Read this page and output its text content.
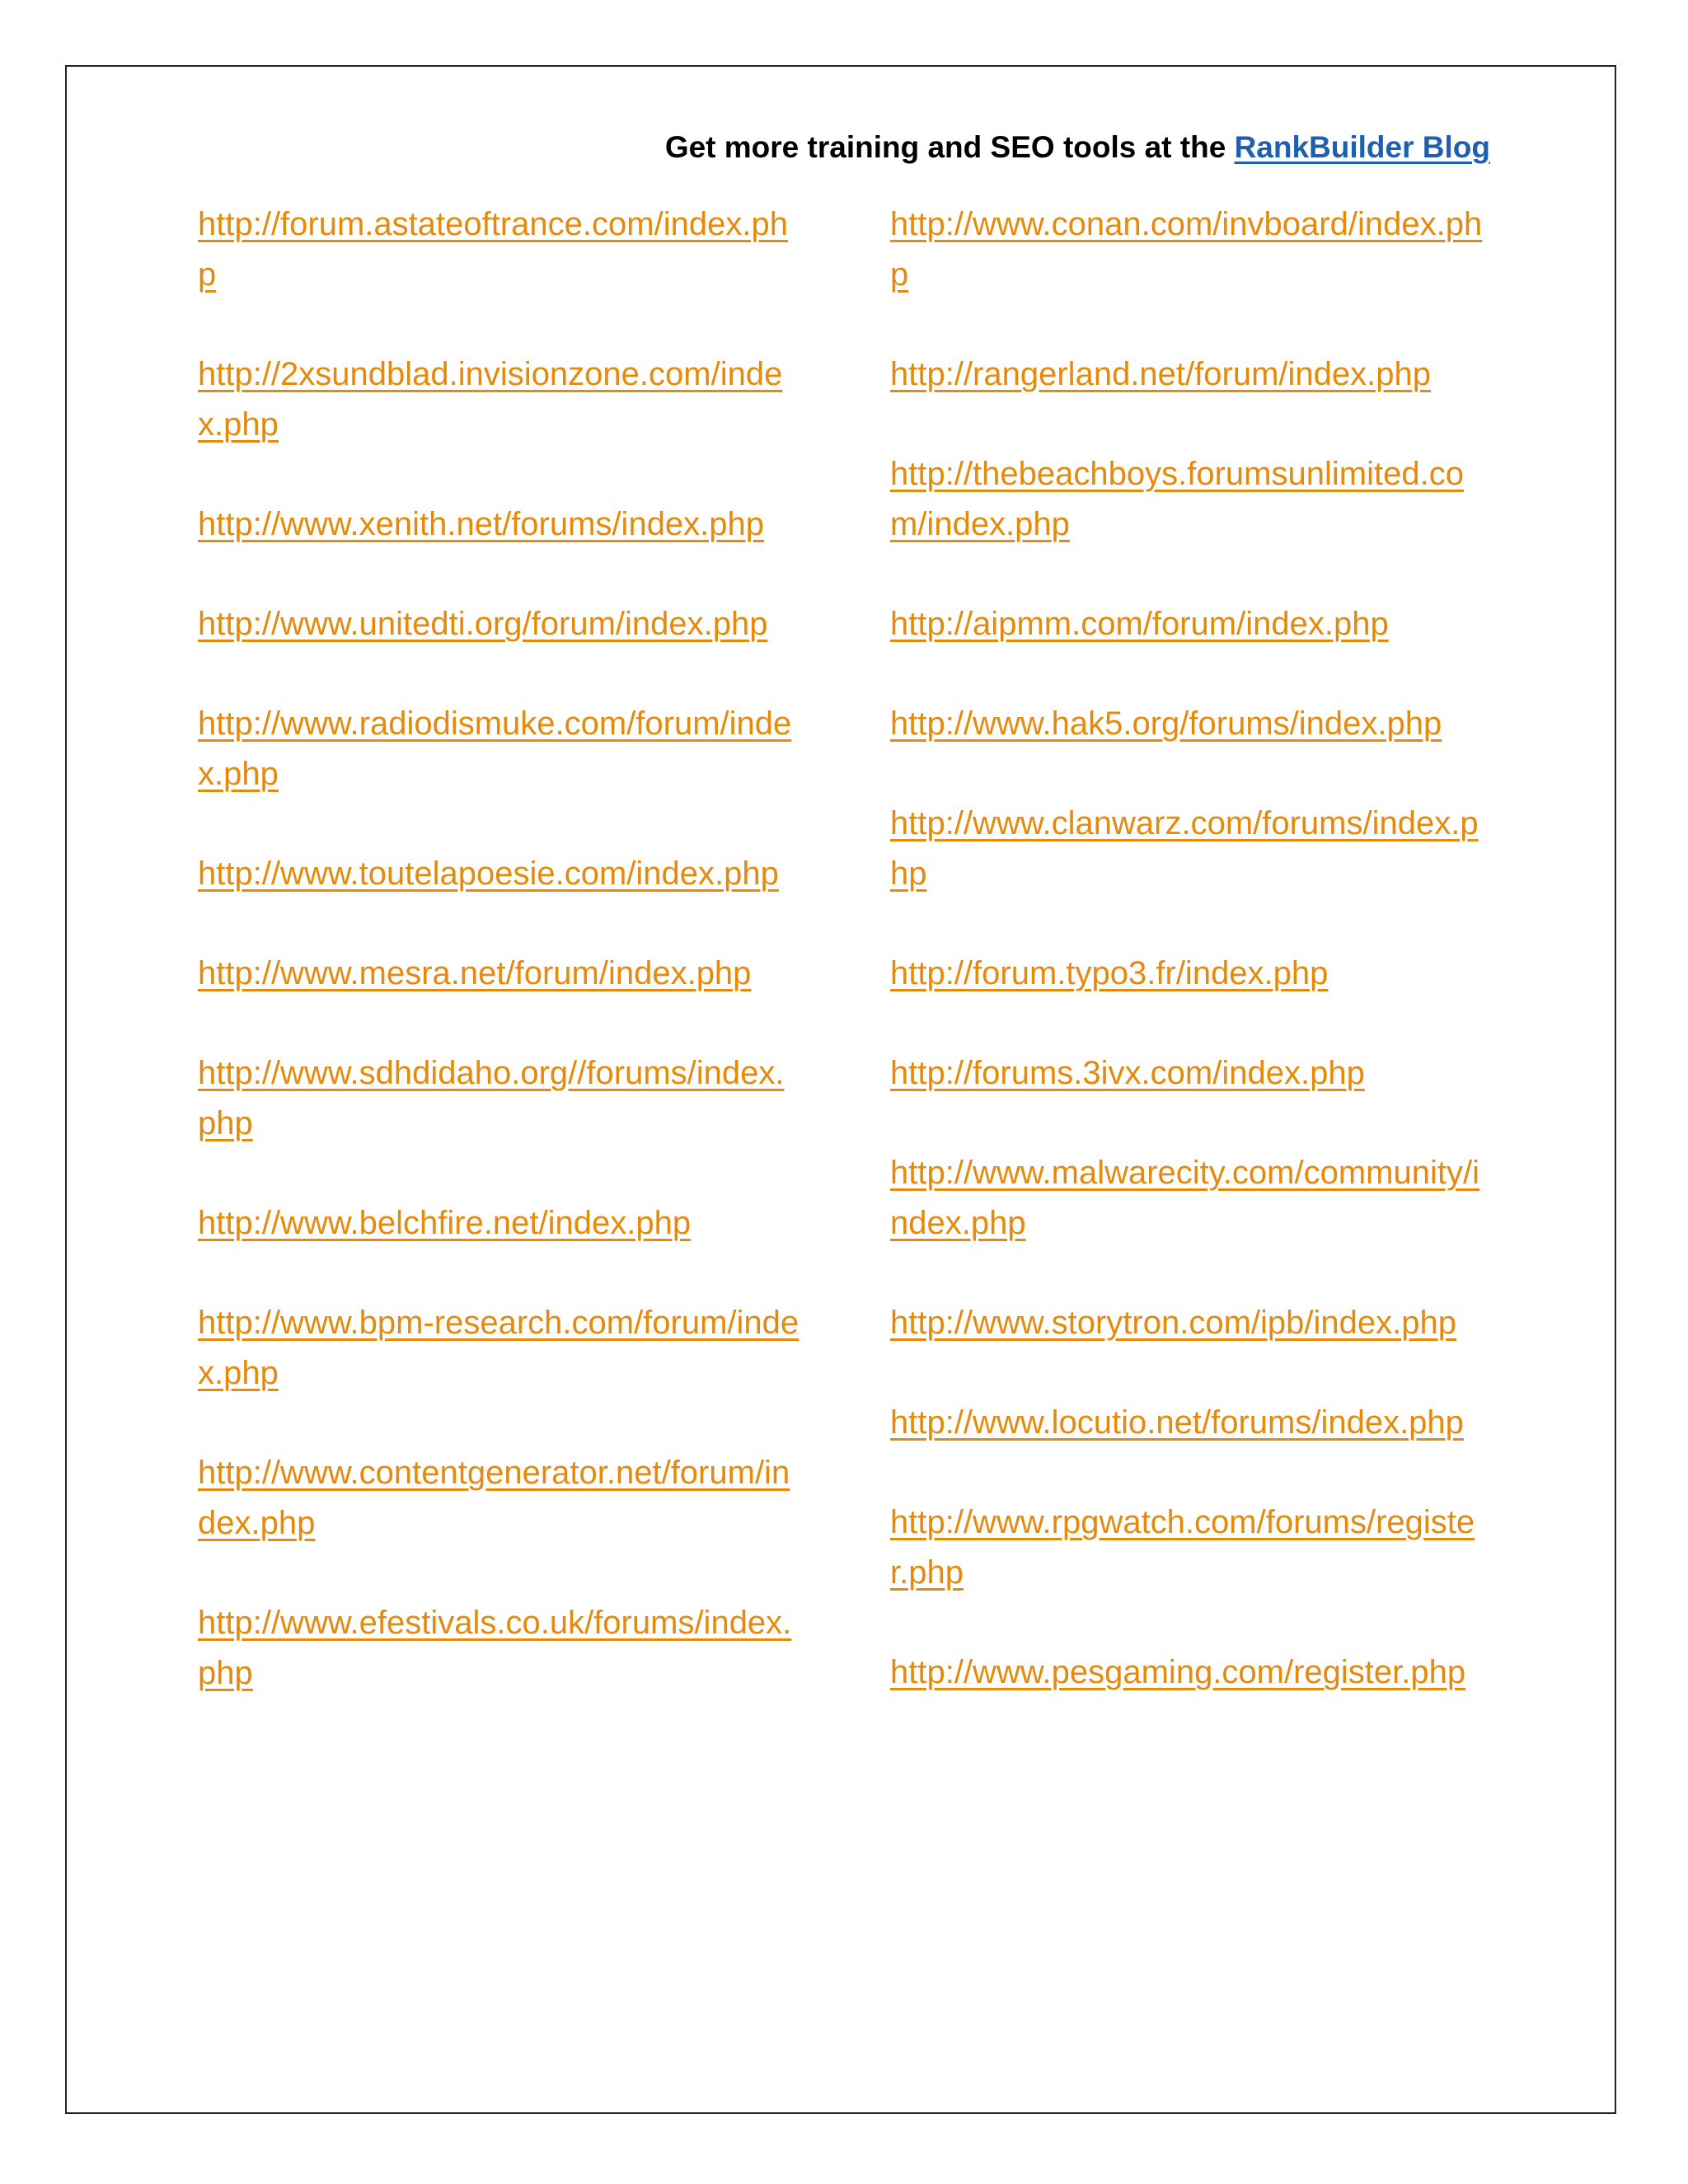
Get more training and SEO tools at the RankBuilder Blog
http://forum.astateoftrance.com/index.php
http://2xsundblad.invisionzone.com/index.php
http://www.xenith.net/forums/index.php
http://www.unitedti.org/forum/index.php
http://www.radiodismuke.com/forum/index.php
http://www.toutelapoesie.com/index.php
http://www.mesra.net/forum/index.php
http://www.sdhdidaho.org//forums/index.php
http://www.belchfire.net/index.php
http://www.bpm-research.com/forum/index.php
http://www.contentgenerator.net/forum/index.php
http://www.efestivals.co.uk/forums/index.php
http://www.conan.com/invboard/index.php
http://rangerland.net/forum/index.php
http://thebeachboys.forumsunlimited.com/index.php
http://aipmm.com/forum/index.php
http://www.hak5.org/forums/index.php
http://www.clanwarz.com/forums/index.php
http://forum.typo3.fr/index.php
http://forums.3ivx.com/index.php
http://www.malwarecity.com/community/index.php
http://www.storytron.com/ipb/index.php
http://www.locutio.net/forums/index.php
http://www.rpgwatch.com/forums/register.php
http://www.pesgaming.com/register.php
